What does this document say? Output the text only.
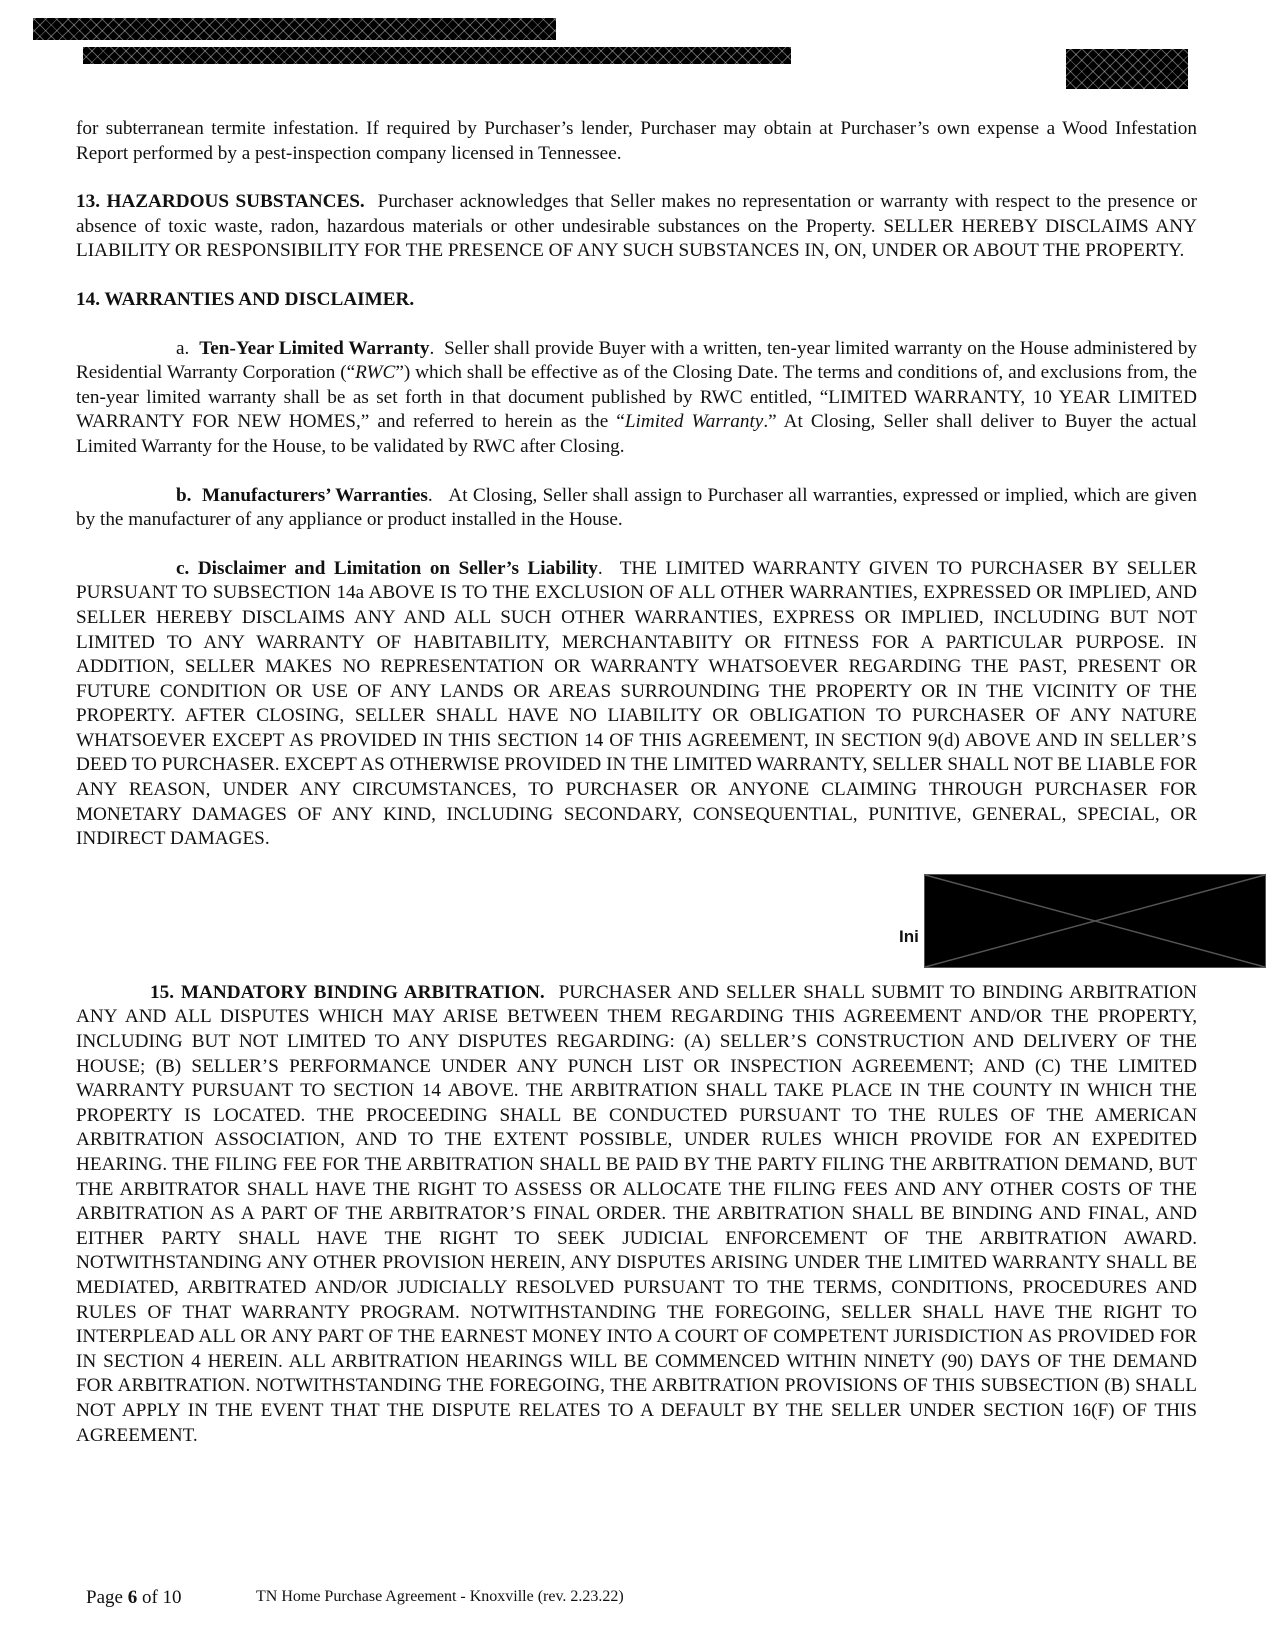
for subterranean termite infestation. If required by Purchaser’s lender, Purchaser may obtain at Purchaser’s own expense a Wood Infestation Report performed by a pest-inspection company licensed in Tennessee.

13. HAZARDOUS SUBSTANCES. Purchaser acknowledges that Seller makes no representation or warranty with respect to the presence or absence of toxic waste, radon, hazardous materials or other undesirable substances on the Property. SELLER HEREBY DISCLAIMS ANY LIABILITY OR RESPONSIBILITY FOR THE PRESENCE OF ANY SUCH SUBSTANCES IN, ON, UNDER OR ABOUT THE PROPERTY.

14. WARRANTIES AND DISCLAIMER.

a.  Ten-Year Limited Warranty.  Seller shall provide Buyer with a written, ten-year limited warranty on the House administered by Residential Warranty Corporation (“RWC”) which shall be effective as of the Closing Date. The terms and conditions of, and exclusions from, the ten-year limited warranty shall be as set forth in that document published by RWC entitled, “LIMITED WARRANTY, 10 YEAR LIMITED WARRANTY FOR NEW HOMES,” and referred to herein as the “Limited Warranty.” At Closing, Seller shall deliver to Buyer the actual Limited Warranty for the House, to be validated by RWC after Closing.

b. Manufacturers’ Warranties.   At Closing, Seller shall assign to Purchaser all warranties, expressed or implied, which are given by the manufacturer of any appliance or product installed in the House.

c. Disclaimer and Limitation on Seller’s Liability.  THE LIMITED WARRANTY GIVEN TO PURCHASER BY SELLER PURSUANT TO SUBSECTION 14a ABOVE IS TO THE EXCLUSION OF ALL OTHER WARRANTIES, EXPRESSED OR IMPLIED, AND SELLER HEREBY DISCLAIMS ANY AND ALL SUCH OTHER WARRANTIES, EXPRESS OR IMPLIED, INCLUDING BUT NOT LIMITED TO ANY WARRANTY OF HABITABILITY, MERCHANTABIITY OR FITNESS FOR A PARTICULAR PURPOSE. IN ADDITION, SELLER MAKES NO REPRESENTATION OR WARRANTY WHATSOEVER REGARDING THE PAST, PRESENT OR FUTURE CONDITION OR USE OF ANY LANDS OR AREAS SURROUNDING THE PROPERTY OR IN THE VICINITY OF THE PROPERTY. AFTER CLOSING, SELLER SHALL HAVE NO LIABILITY OR OBLIGATION TO PURCHASER OF ANY NATURE WHATSOEVER EXCEPT AS PROVIDED IN THIS SECTION 14 OF THIS AGREEMENT, IN SECTION 9(d) ABOVE AND IN SELLER’S DEED TO PURCHASER. EXCEPT AS OTHERWISE PROVIDED IN THE LIMITED WARRANTY, SELLER SHALL NOT BE LIABLE FOR ANY REASON, UNDER ANY CIRCUMSTANCES, TO PURCHASER OR ANYONE CLAIMING THROUGH PURCHASER FOR MONETARY DAMAGES OF ANY KIND, INCLUDING SECONDARY, CONSEQUENTIAL, PUNITIVE, GENERAL, SPECIAL, OR INDIRECT DAMAGES.

15. MANDATORY BINDING ARBITRATION. PURCHASER AND SELLER SHALL SUBMIT TO BINDING ARBITRATION ANY AND ALL DISPUTES WHICH MAY ARISE BETWEEN THEM REGARDING THIS AGREEMENT AND/OR THE PROPERTY, INCLUDING BUT NOT LIMITED TO ANY DISPUTES REGARDING: (A) SELLER’S CONSTRUCTION AND DELIVERY OF THE HOUSE; (B) SELLER’S PERFORMANCE UNDER ANY PUNCH LIST OR INSPECTION AGREEMENT; AND (C) THE LIMITED WARRANTY PURSUANT TO SECTION 14 ABOVE. THE ARBITRATION SHALL TAKE PLACE IN THE COUNTY IN WHICH THE PROPERTY IS LOCATED. THE PROCEEDING SHALL BE CONDUCTED PURSUANT TO THE RULES OF THE AMERICAN ARBITRATION ASSOCIATION, AND TO THE EXTENT POSSIBLE, UNDER RULES WHICH PROVIDE FOR AN EXPEDITED HEARING. THE FILING FEE FOR THE ARBITRATION SHALL BE PAID BY THE PARTY FILING THE ARBITRATION DEMAND, BUT THE ARBITRATOR SHALL HAVE THE RIGHT TO ASSESS OR ALLOCATE THE FILING FEES AND ANY OTHER COSTS OF THE ARBITRATION AS A PART OF THE ARBITRATOR’S FINAL ORDER. THE ARBITRATION SHALL BE BINDING AND FINAL, AND EITHER PARTY SHALL HAVE THE RIGHT TO SEEK JUDICIAL ENFORCEMENT OF THE ARBITRATION AWARD. NOTWITHSTANDING ANY OTHER PROVISION HEREIN, ANY DISPUTES ARISING UNDER THE LIMITED WARRANTY SHALL BE MEDIATED, ARBITRATED AND/OR JUDICIALLY RESOLVED PURSUANT TO THE TERMS, CONDITIONS, PROCEDURES AND RULES OF THAT WARRANTY PROGRAM. NOTWITHSTANDING THE FOREGOING, SELLER SHALL HAVE THE RIGHT TO INTERPLEAD ALL OR ANY PART OF THE EARNEST MONEY INTO A COURT OF COMPETENT JURISDICTION AS PROVIDED FOR IN SECTION 4 HEREIN. ALL ARBITRATION HEARINGS WILL BE COMMENCED WITHIN NINETY (90) DAYS OF THE DEMAND FOR ARBITRATION. NOTWITHSTANDING THE FOREGOING, THE ARBITRATION PROVISIONS OF THIS SUBSECTION (B) SHALL NOT APPLY IN THE EVENT THAT THE DISPUTE RELATES TO A DEFAULT BY THE SELLER UNDER SECTION 16(F) OF THIS AGREEMENT.

Ini
Page 6 of 10	TN Home Purchase Agreement - Knoxville (rev. 2.23.22)
